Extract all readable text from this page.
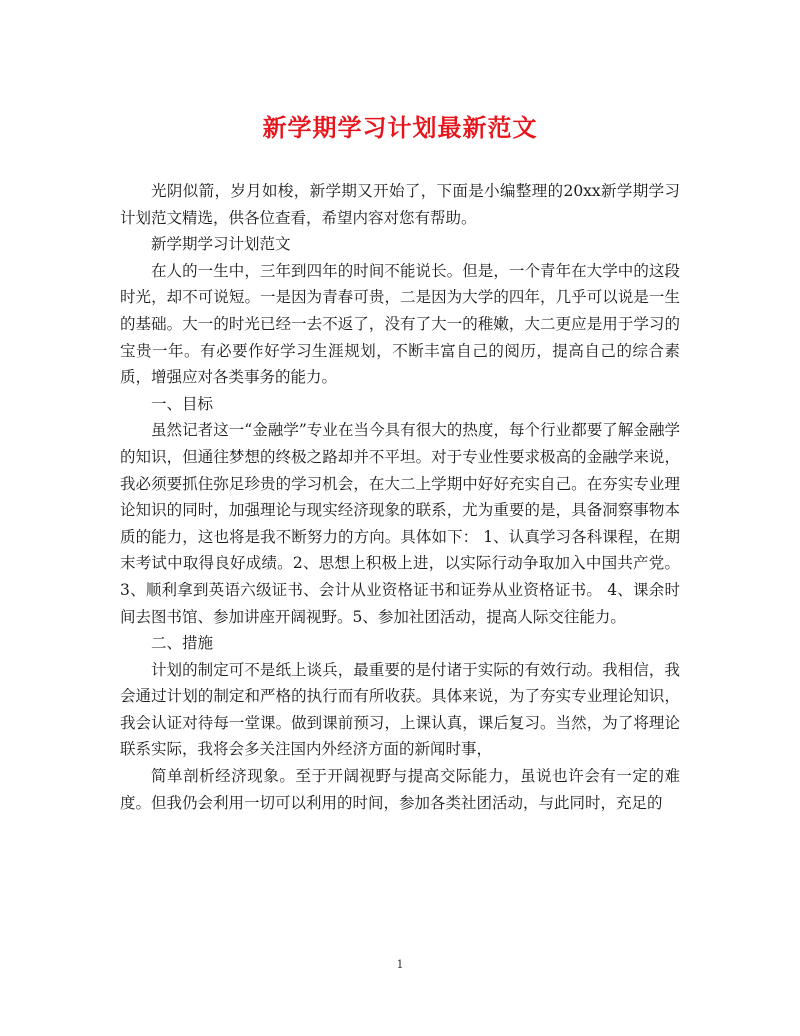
新学期学习计划最新范文

光阴似箭，岁月如梭，新学期又开始了，下面是小编整理的20xx新学期学习计划范文精选，供各位查看，希望内容对您有帮助。

新学期学习计划范文

在人的一生中，三年到四年的时间不能说长。但是，一个青年在大学中的这段时光，却不可说短。一是因为青春可贵，二是因为大学的四年，几乎可以说是一生的基础。大一的时光已经一去不返了，没有了大一的稚嫩，大二更应是用于学习的宝贵一年。有必要作好学习生涯规划，不断丰富自己的阅历，提高自己的综合素质，增强应对各类事务的能力。

一、目标

虽然记者这一“金融学”专业在当今具有很大的热度，每个行业都要了解金融学的知识，但通往梦想的终极之路却并不平坦。对于专业性要求极高的金融学来说，我必须要抓住弥足珍贵的学习机会，在大二上学期中好好充实自己。在夯实专业理论知识的同时，加强理论与现实经济现象的联系，尤为重要的是，具备洞察事物本质的能力，这也将是我不断努力的方向。具体如下： 1、认真学习各科课程，在期末考试中取得良好成绩。2、思想上积极上进，以实际行动争取加入中国共产党。 3、顺利拿到英语六级证书、会计从业资格证书和证券从业资格证书。 4、课余时间去图书馆、参加讲座开阔视野。5、参加社团活动，提高人际交往能力。

二、措施

计划的制定可不是纸上谈兵，最重要的是付诸于实际的有效行动。我相信，我会通过计划的制定和严格的执行而有所收获。具体来说，为了夯实专业理论知识，我会认证对待每一堂课。做到课前预习，上课认真，课后复习。当然，为了将理论联系实际，我将会多关注国内外经济方面的新闻时事，

简单剖析经济现象。至于开阔视野与提高交际能力，虽说也许会有一定的难度。但我仍会利用一切可以利用的时间，参加各类社团活动，与此同时，充足的

1
